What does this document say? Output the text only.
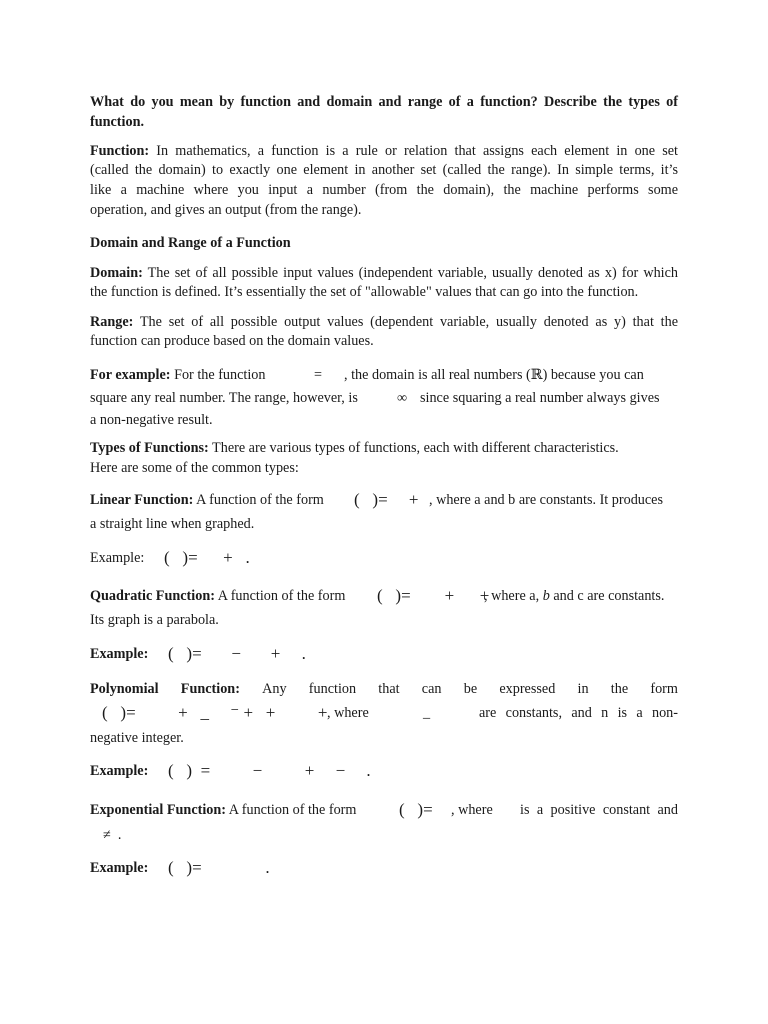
What do you mean by function and domain and range of a function? Describe the types of
function.
Function: In mathematics, a function is a rule or relation that assigns each element in one set
(called the domain) to exactly one element in another set (called the range). In simple terms, it’s
like a machine where you input a number (from the domain), the machine performs some
operation, and gives an output (from the range).
Domain and Range of a Function
Domain: The set of all possible input values (independent variable, usually denoted as x) for which
the function is defined. It’s essentially the set of "allowable" values that can go into the function.
Range: The set of all possible output values (dependent variable, usually denoted as y) that the
function can produce based on the domain values.
For example: For the function	= , the domain is all real numbers (ℝ) because you can
square any real number. The range, however, is	∞ since squaring a real number always gives
a non-negative result.
Types of Functions: There are various types of functions, each with different characteristics.
Here are some of the common types:
Linear Function: A function of the form (   )=     + , where a and b are constants. It produces
a straight line when graphed.
Example: (   )=      +   .
Quadratic Function: A function of the form (   )=        +      +
, where a, b and c are constants.
Its graph is a parabola.
Example: (   )=       −       +     .
Polynomial Function: Any function that can be expressed in the form
(   )=          +   _     ⁻ +   +          + , where	_	are constants, and n is a non-
negative integer.
Example: (   )  =          −          +     −     .
Exponential Function: A function of the form	(   )= , where is a positive constant and
≠  .
Example: (   )=               .
